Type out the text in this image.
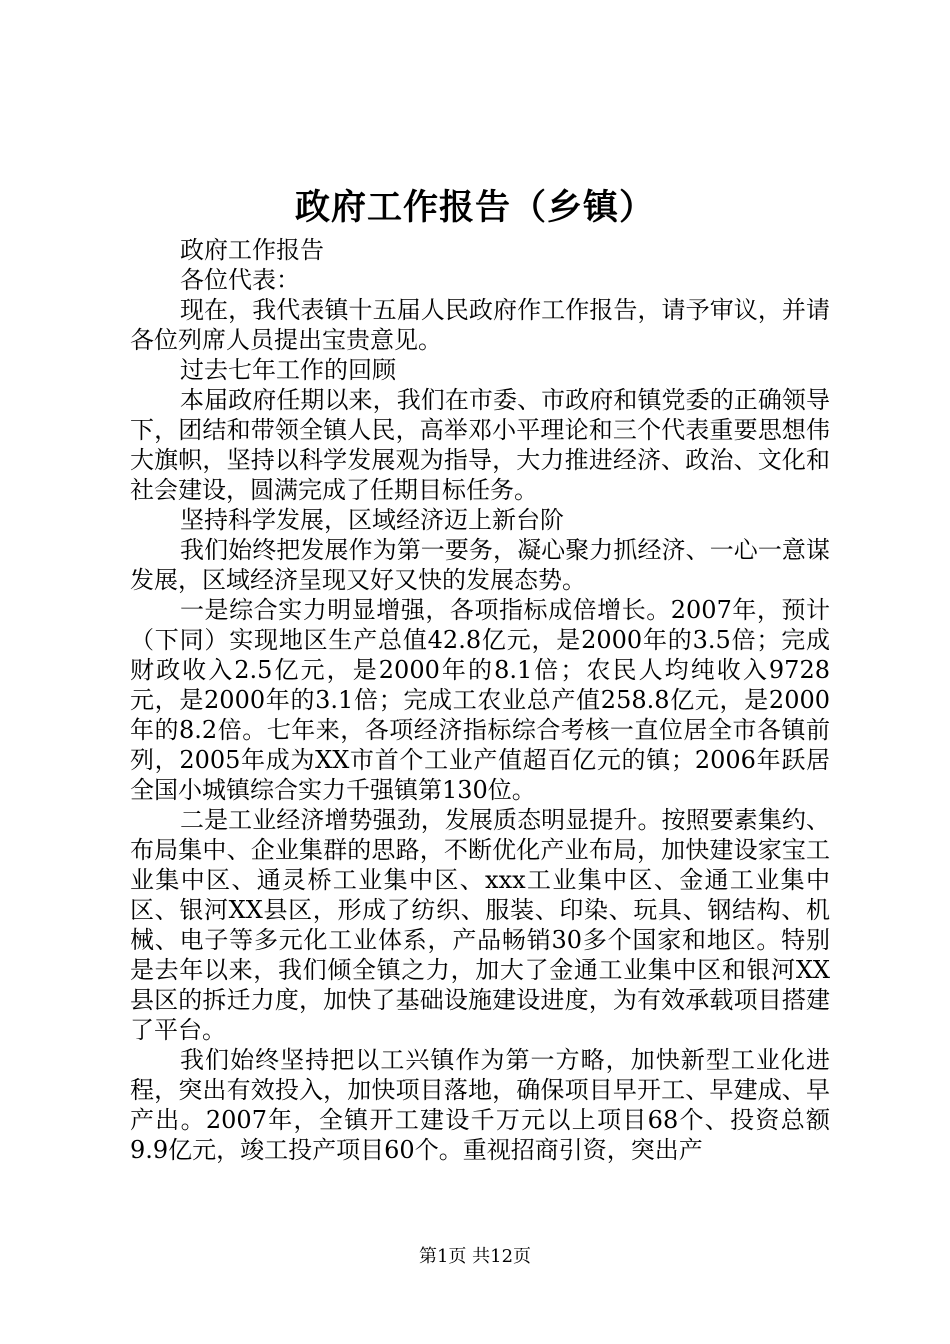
政府工作报告（乡镇）

政府工作报告

各位代表：

现在，我代表镇十五届人民政府作工作报告，请予审议，并请各位列席人员提出宝贵意见。

过去七年工作的回顾

本届政府任期以来，我们在市委、市政府和镇党委的正确领导下，团结和带领全镇人民，高举邓小平理论和三个代表重要思想伟大旗帜，坚持以科学发展观为指导，大力推进经济、政治、文化和社会建设，圆满完成了任期目标任务。

坚持科学发展，区域经济迈上新台阶

我们始终把发展作为第一要务，凝心聚力抓经济、一心一意谋发展，区域经济呈现又好又快的发展态势。

一是综合实力明显增强，各项指标成倍增长。2007年，预计（下同）实现地区生产总值42.8亿元，是2000年的3.5倍；完成财政收入2.5亿元，是2000年的8.1倍；农民人均纯收入9728元，是2000年的3.1倍；完成工农业总产值258.8亿元，是2000年的8.2倍。七年来，各项经济指标综合考核一直位居全市各镇前列，2005年成为XX市首个工业产值超百亿元的镇；2006年跃居全国小城镇综合实力千强镇第130位。

二是工业经济增势强劲，发展质态明显提升。按照要素集约、布局集中、企业集群的思路，不断优化产业布局，加快建设家宝工业集中区、通灵桥工业集中区、xxx工业集中区、金通工业集中区、银河XX县区，形成了纺织、服装、印染、玩具、钢结构、机械、电子等多元化工业体系，产品畅销30多个国家和地区。特别是去年以来，我们倾全镇之力，加大了金通工业集中区和银河XX县区的拆迁力度，加快了基础设施建设进度，为有效承载项目搭建了平台。

我们始终坚持把以工兴镇作为第一方略，加快新型工业化进程，突出有效投入，加快项目落地，确保项目早开工、早建成、早产出。2007年，全镇开工建设千万元以上项目68个、投资总额9.9亿元，竣工投产项目60个。重视招商引资，突出产

第1页 共12页
